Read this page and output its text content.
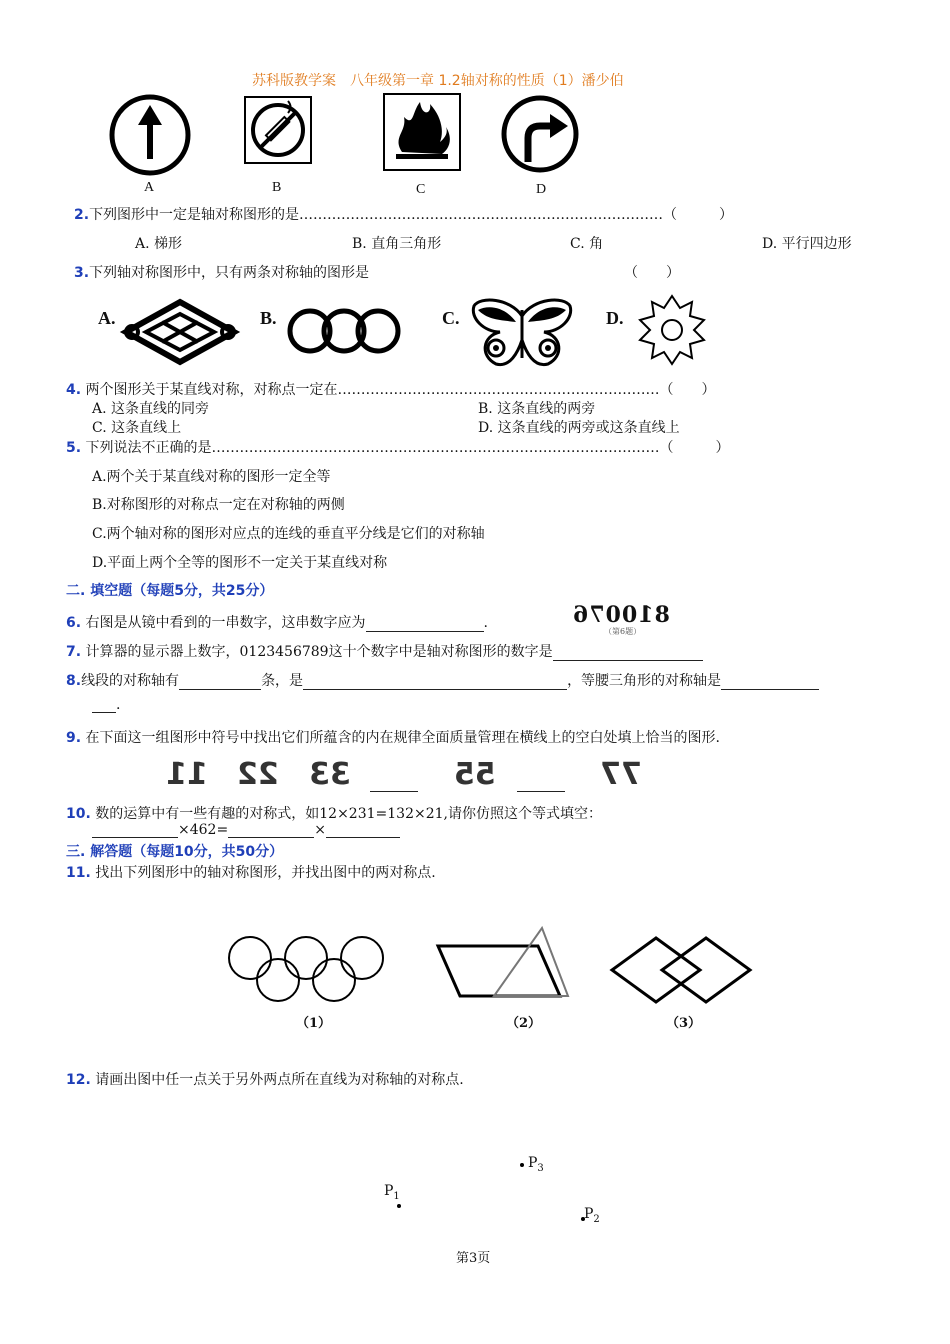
苏科版教学案　八年级第一章 1.2轴对称的性质（1）潘少伯
A	B	C	D
2.下列图形中一定是轴对称图形的是……………………………………………………………………（　　　）
A. 梯形	B. 直角三角形	C. 角	D. 平行四边形
3.下列轴对称图形中，只有两条对称轴的图形是	（　　）
A.	B.	C.	D.
4. 两个图形关于某直线对称，对称点一定在……………………………………………………………（　　）
A. 这条直线的同旁	B. 这条直线的两旁
C. 这条直线上	D. 这条直线的两旁或这条直线上
5. 下列说法不正确的是……………………………………………………………………………………（　　　）
A.两个关于某直线对称的图形一定全等
B.对称图形的对称点一定在对称轴的两侧
C.两个轴对称的图形对应点的连线的垂直平分线是它们的对称轴
D.平面上两个全等的图形不一定关于某直线对称
二. 填空题（每题5分，共25分）
6. 右图是从镜中看到的一串数字，这串数字应为	.	810076
（第6题）
7. 计算器的显示器上数字，0123456789这十个数字中是轴对称图形的数字是
8.线段的对称轴有	条，是	，等腰三角形的对称轴是
.
9. 在下面这一组图形中符号中找出它们所蕴含的内在规律全面质量管理在横线上的空白处填上恰当的图形.
11 22 33	55	77
10. 数的运算中有一些有趣的对称式，如12×231=132×21,请你仿照这个等式填空：
×462=	×
三. 解答题（每题10分，共50分）
11. 找出下列图形中的轴对称图形，并找出图中的两对称点.
（1）	（2）	（3）
12. 请画出图中任一点关于另外两点所在直线为对称轴的对称点.
$P_3$
$P_1$
$P_2$
第3页
